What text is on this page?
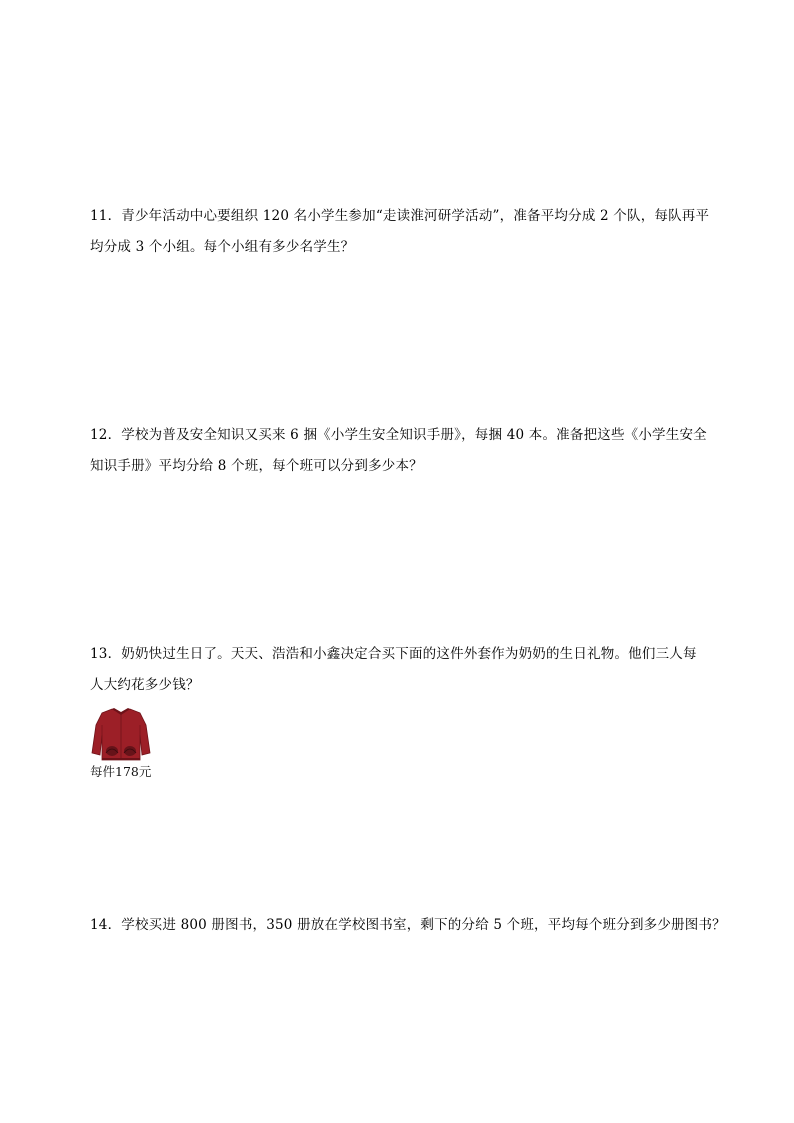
11．青少年活动中心要组织 120 名小学生参加“走读淮河研学活动”，准备平均分成 2 个队，每队再平均分成 3 个小组。每个小组有多少名学生？

12．学校为普及安全知识又买来 6 捆《小学生安全知识手册》，每捆 40 本。准备把这些《小学生安全知识手册》平均分给 8 个班，每个班可以分到多少本？

13．奶奶快过生日了。天天、浩浩和小鑫决定合买下面的这件外套作为奶奶的生日礼物。他们三人每人大约花多少钱？

每件178元

14．学校买进 800 册图书，350 册放在学校图书室，剩下的分给 5 个班，平均每个班分到多少册图书？
